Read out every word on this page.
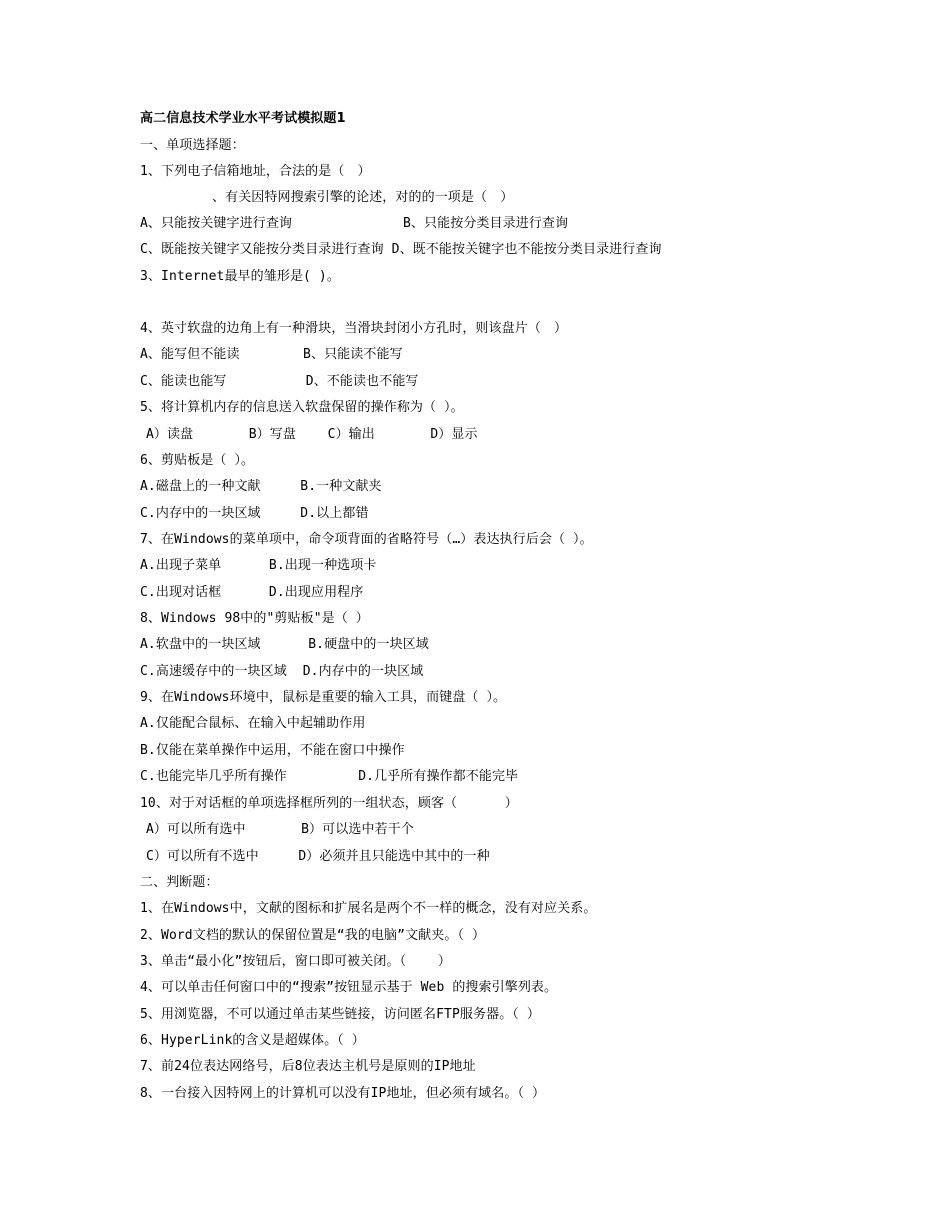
高二信息技术学业水平考试模拟题1
一、单项选择题：
1、下列电子信箱地址，合法的是（　）
、有关因特网搜索引擎的论述，对的的一项是（　）
A、只能按关键字进行查询              B、只能按分类目录进行查询
C、既能按关键字又能按分类目录进行查询 D、既不能按关键字也不能按分类目录进行查询
3、Internet最早的雏形是( )。
4、英寸软盘的边角上有一种滑块，当滑块封闭小方孔时，则该盘片（　）
A、能写但不能读        B、只能读不能写
C、能读也能写          D、不能读也不能写
5、将计算机内存的信息送入软盘保留的操作称为（ ）。
A）读盘       B）写盘    C）输出       D）显示
6、剪贴板是（ ）。
A.磁盘上的一种文献     B.一种文献夹
C.内存中的一块区域     D.以上都错
7、在Windows的菜单项中，命令项背面的省略符号（…）表达执行后会（ ）。
A.出现子菜单      B.出现一种选项卡
C.出现对话框      D.出现应用程序
8、Windows 98中的"剪贴板"是（ ）
A.软盘中的一块区域      B.硬盘中的一块区域
C.高速缓存中的一块区域  D.内存中的一块区域
9、在Windows环境中，鼠标是重要的输入工具，而键盘（ ）。
A.仅能配合鼠标、在输入中起辅助作用
B.仅能在菜单操作中运用，不能在窗口中操作
C.也能完毕几乎所有操作         D.几乎所有操作都不能完毕
10、对于对话框的单项选择框所列的一组状态，顾客（      ）
A）可以所有选中       B）可以选中若干个
C）可以所有不选中     D）必须并且只能选中其中的一种
二、判断题：
1、在Windows中，文献的图标和扩展名是两个不一样的概念，没有对应关系。
2、Word文档的默认的保留位置是“我的电脑”文献夹。（ ）
3、单击“最小化”按钮后，窗口即可被关闭。（    ）
4、可以单击任何窗口中的“搜索”按钮显示基于 Web 的搜索引擎列表。
5、用浏览器，不可以通过单击某些链接，访问匿名FTP服务器。（ ）
6、HyperLink的含义是超媒体。（ ）
7、前24位表达网络号，后8位表达主机号是原则的IP地址
8、一台接入因特网上的计算机可以没有IP地址，但必须有域名。（ ）
